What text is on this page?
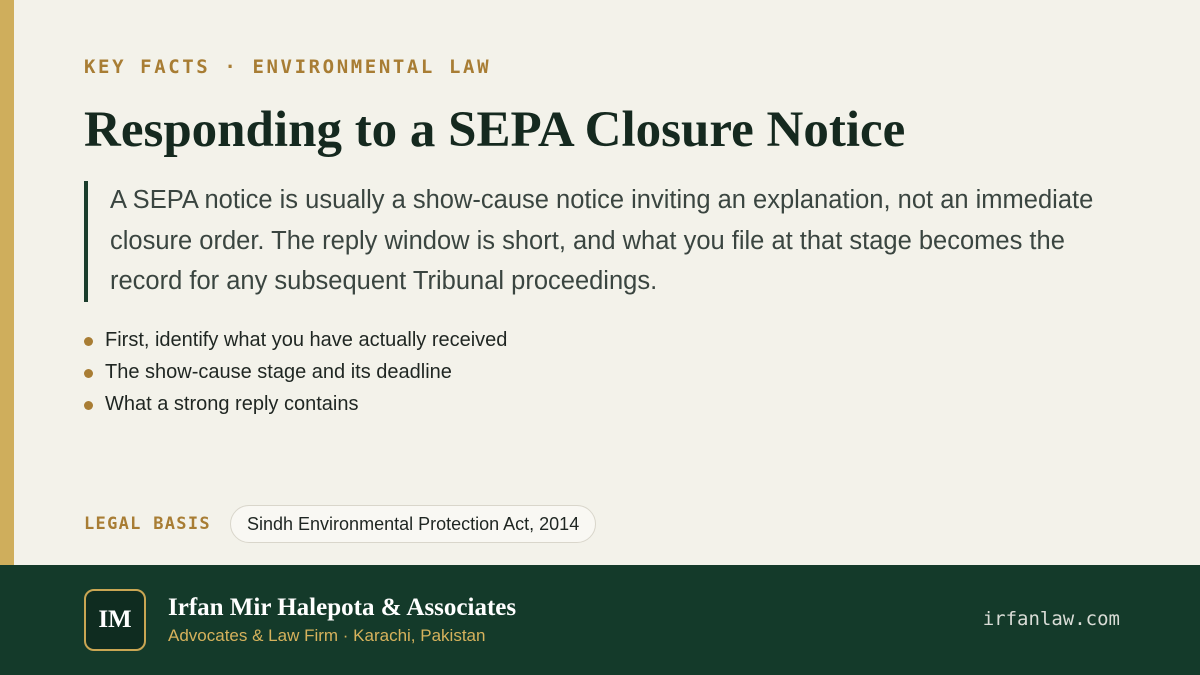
KEY FACTS · ENVIRONMENTAL LAW
Responding to a SEPA Closure Notice

A SEPA notice is usually a show-cause notice inviting an explanation, not an immediate closure order. The reply window is short, and what you file at that stage becomes the record for any subsequent Tribunal proceedings.

First, identify what you have actually received
The show-cause stage and its deadline
What a strong reply contains
LEGAL BASIS	Sindh Environmental Protection Act, 2014
IM	Irfan Mir Halepota & Associates
Advocates & Law Firm · Karachi, Pakistan
irfanlaw.com
